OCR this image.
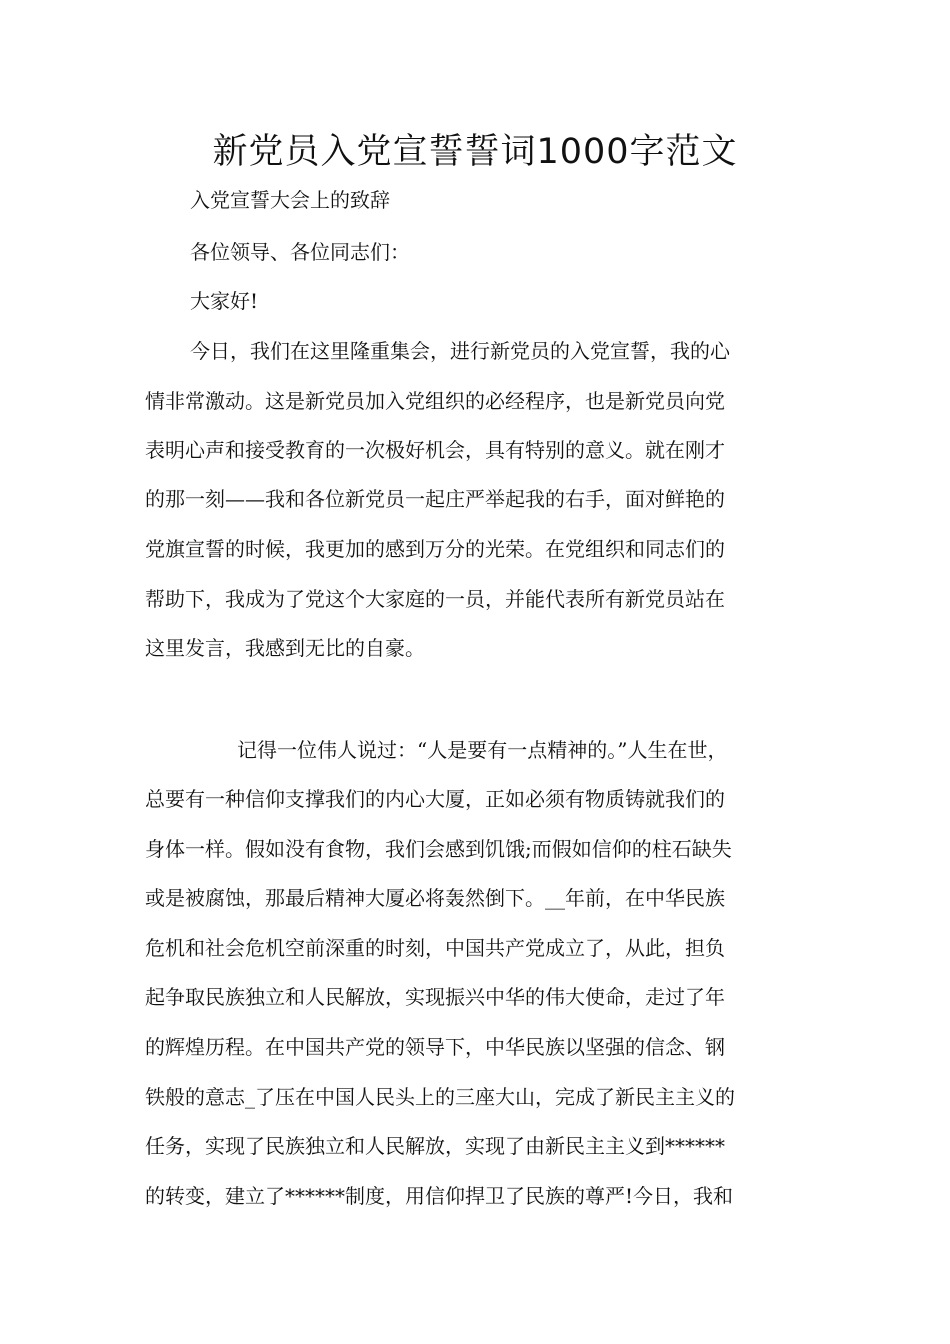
新党员入党宣誓誓词1000字范文

入党宣誓大会上的致辞

各位领导、各位同志们：

大家好!

今日，我们在这里隆重集会，进行新党员的入党宣誓，我的心

情非常激动。这是新党员加入党组织的必经程序，也是新党员向党

表明心声和接受教育的一次极好机会，具有特别的意义。就在刚才

的那一刻——我和各位新党员一起庄严举起我的右手，面对鲜艳的

党旗宣誓的时候，我更加的感到万分的光荣。在党组织和同志们的

帮助下，我成为了党这个大家庭的一员，并能代表所有新党员站在

这里发言，我感到无比的自豪。

记得一位伟人说过：“人是要有一点精神的。”人生在世，

总要有一种信仰支撑我们的内心大厦，正如必须有物质铸就我们的

身体一样。假如没有食物，我们会感到饥饿;而假如信仰的柱石缺失

或是被腐蚀，那最后精神大厦必将轰然倒下。__年前，在中华民族

危机和社会危机空前深重的时刻，中国共产党成立了，从此，担负

起争取民族独立和人民解放，实现振兴中华的伟大使命，走过了年

的辉煌历程。在中国共产党的领导下，中华民族以坚强的信念、钢

铁般的意志_了压在中国人民头上的三座大山，完成了新民主主义的

任务，实现了民族独立和人民解放，实现了由新民主主义到******

的转变，建立了******制度，用信仰捍卫了民族的尊严!今日，我和
